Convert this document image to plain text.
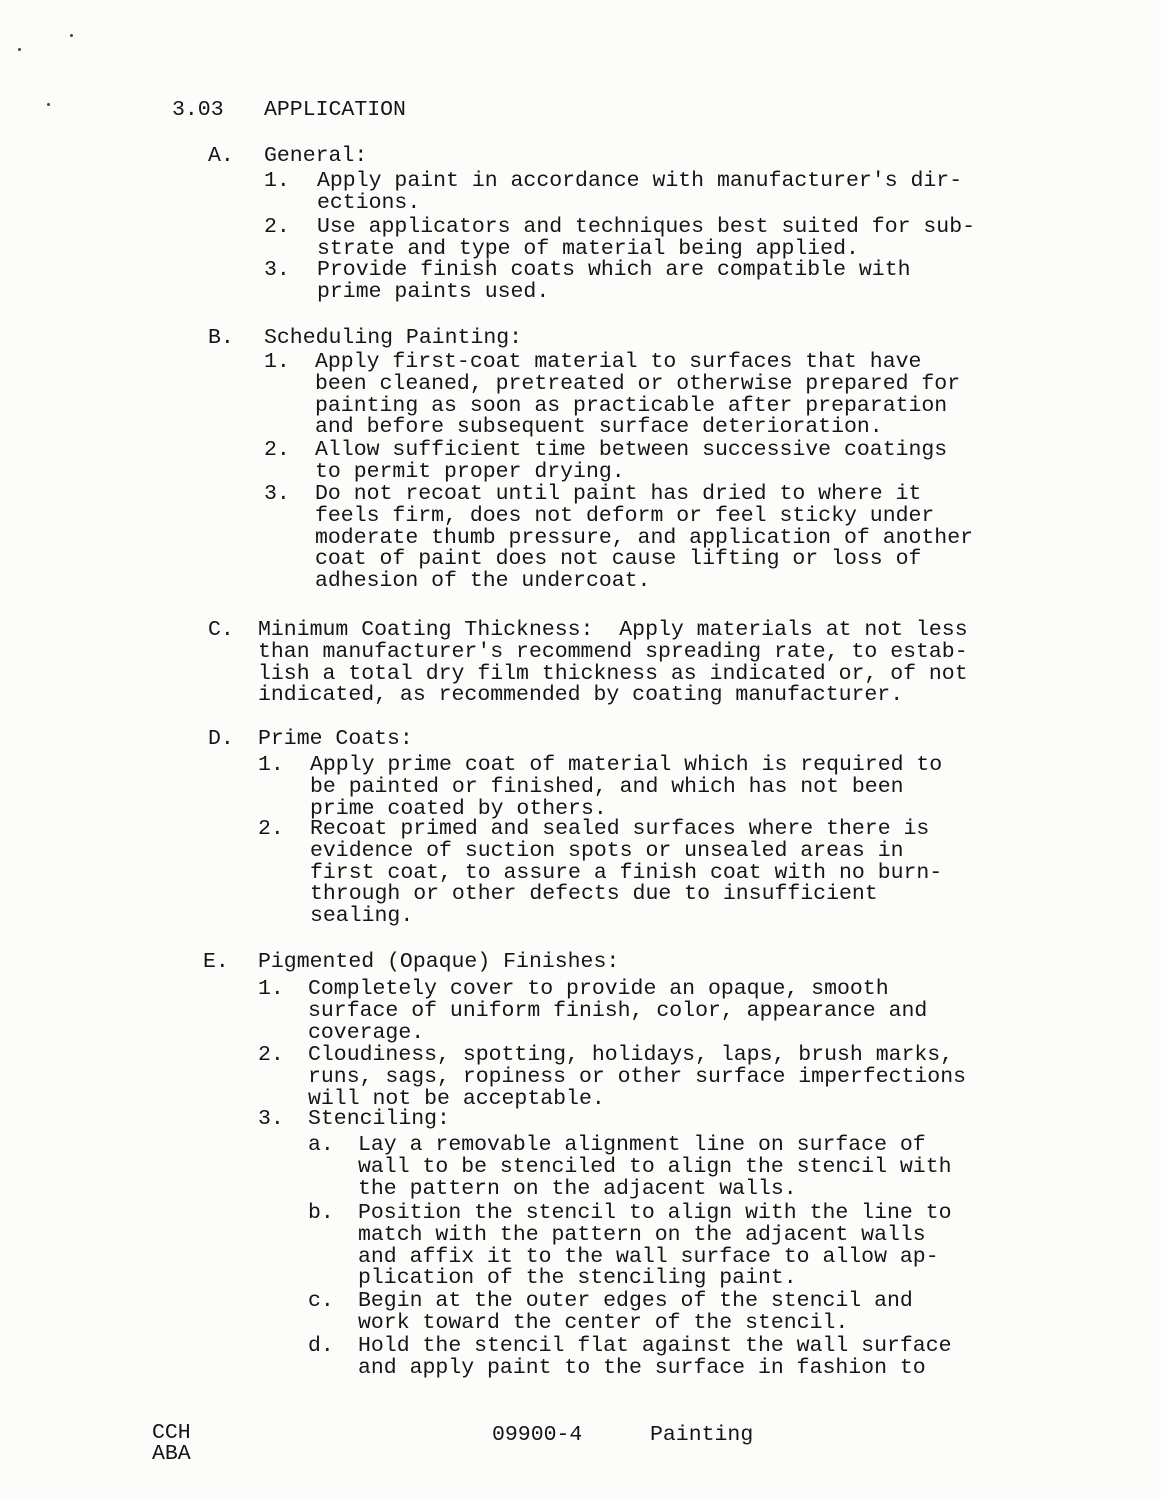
3.03 APPLICATION
CCH
ABA
09900-4	Painting
A. General:
1. Apply paint in accordance with manufacturer's dir-
ections.
2. Use applicators and techniques best suited for sub-
strate and type of material being applied.
3. Provide finish coats which are compatible with
prime paints used.
B. Scheduling Painting:
1. Apply first-coat material to surfaces that have
been cleaned, pretreated or otherwise prepared for
painting as soon as practicable after preparation
and before subsequent surface deterioration.
2. Allow sufficient time between successive coatings
to permit proper drying.
3. Do not recoat until paint has dried to where it
feels firm, does not deform or feel sticky under
moderate thumb pressure, and application of another
coat of paint does not cause lifting or loss of
adhesion of the undercoat.
C. Minimum Coating Thickness:  Apply materials at not less
than manufacturer's recommend spreading rate, to estab-
lish a total dry film thickness as indicated or, of not
indicated, as recommended by coating manufacturer.
D. Prime Coats:
1. Apply prime coat of material which is required to
be painted or finished, and which has not been
prime coated by others.
2. Recoat primed and sealed surfaces where there is
evidence of suction spots or unsealed areas in
first coat, to assure a finish coat with no burn-
through or other defects due to insufficient
sealing.
E. Pigmented (Opaque) Finishes:
1. Completely cover to provide an opaque, smooth
surface of uniform finish, color, appearance and
coverage.
2. Cloudiness, spotting, holidays, laps, brush marks,
runs, sags, ropiness or other surface imperfections
will not be acceptable.
3. Stenciling:
a. Lay a removable alignment line on surface of
wall to be stenciled to align the stencil with
the pattern on the adjacent walls.
b. Position the stencil to align with the line to
match with the pattern on the adjacent walls
and affix it to the wall surface to allow ap-
plication of the stenciling paint.
c. Begin at the outer edges of the stencil and
work toward the center of the stencil.
d. Hold the stencil flat against the wall surface
and apply paint to the surface in fashion to
